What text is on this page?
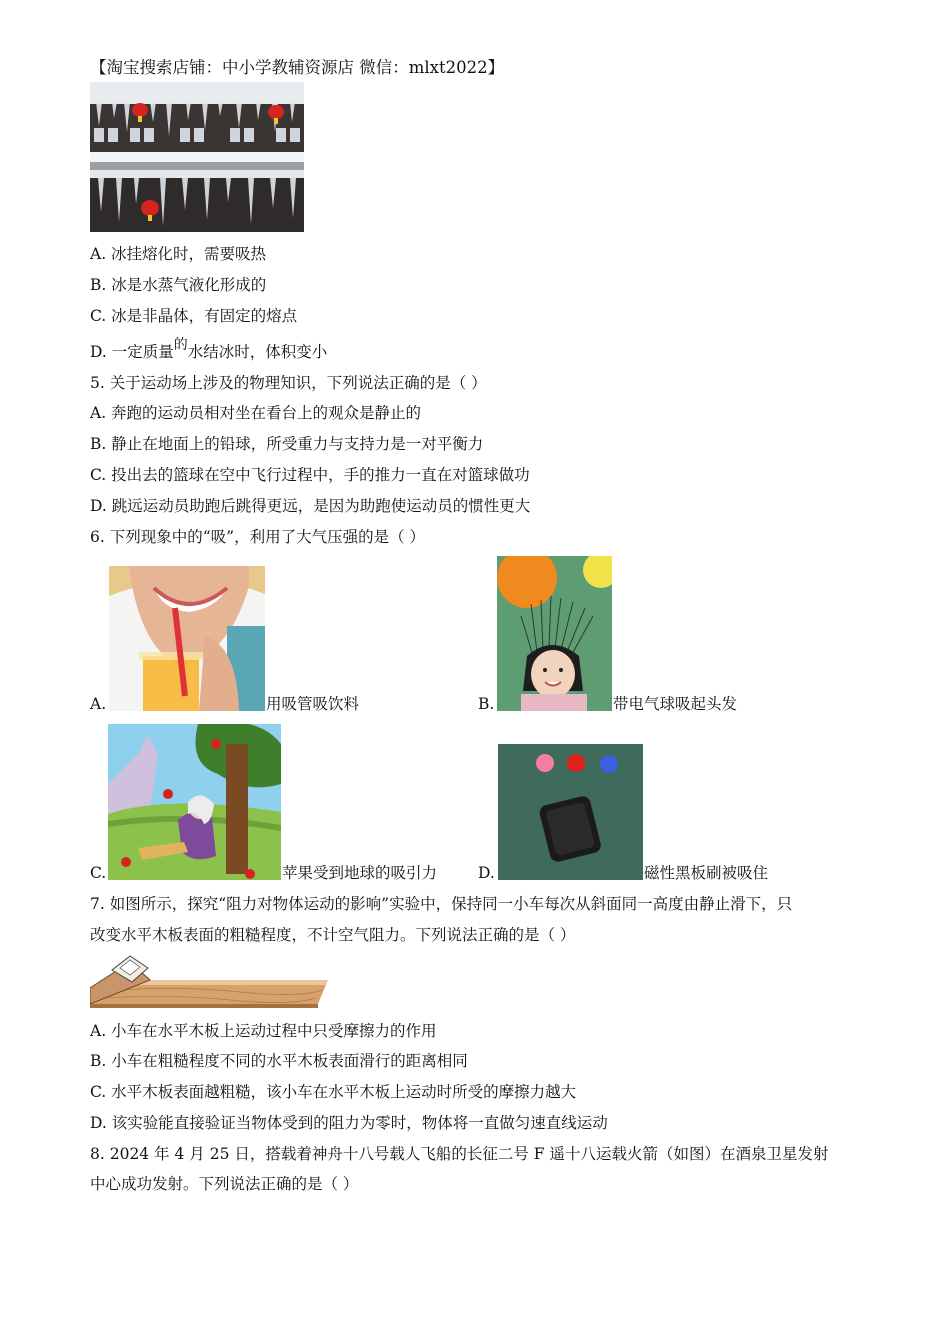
【淘宝搜索店铺：中小学教辅资源店 微信：mlxt2022】
A. 冰挂熔化时，需要吸热
B. 冰是水蒸气液化形成的
C. 冰是非晶体，有固定的熔点
D. 一定质量的水结冰时，体积变小
5. 关于运动场上涉及的物理知识，下列说法正确的是（ ）
A. 奔跑的运动员相对坐在看台上的观众是静止的
B. 静止在地面上的铅球，所受重力与支持力是一对平衡力
C. 投出去的篮球在空中飞行过程中，手的推力一直在对篮球做功
D. 跳远运动员助跑后跳得更远，是因为助跑使运动员的惯性更大
6. 下列现象中的“吸”，利用了大气压强的是（ ）
A.	用吸管吸饮料	B.	带电气球吸起头发
C.	苹果受到地球的吸引力	D.	磁性黑板刷被吸住
7. 如图所示，探究“阻力对物体运动的影响”实验中，保持同一小车每次从斜面同一高度由静止滑下，只
改变水平木板表面的粗糙程度，不计空气阻力。下列说法正确的是（ ）
A. 小车在水平木板上运动过程中只受摩擦力的作用
B. 小车在粗糙程度不同的水平木板表面滑行的距离相同
C. 水平木板表面越粗糙，该小车在水平木板上运动时所受的摩擦力越大
D. 该实验能直接验证当物体受到的阻力为零时，物体将一直做匀速直线运动
8. 2024 年 4 月 25 日，搭载着神舟十八号载人飞船的长征二号 F 遥十八运载火箭（如图）在酒泉卫星发射
中心成功发射。下列说法正确的是（ ）
